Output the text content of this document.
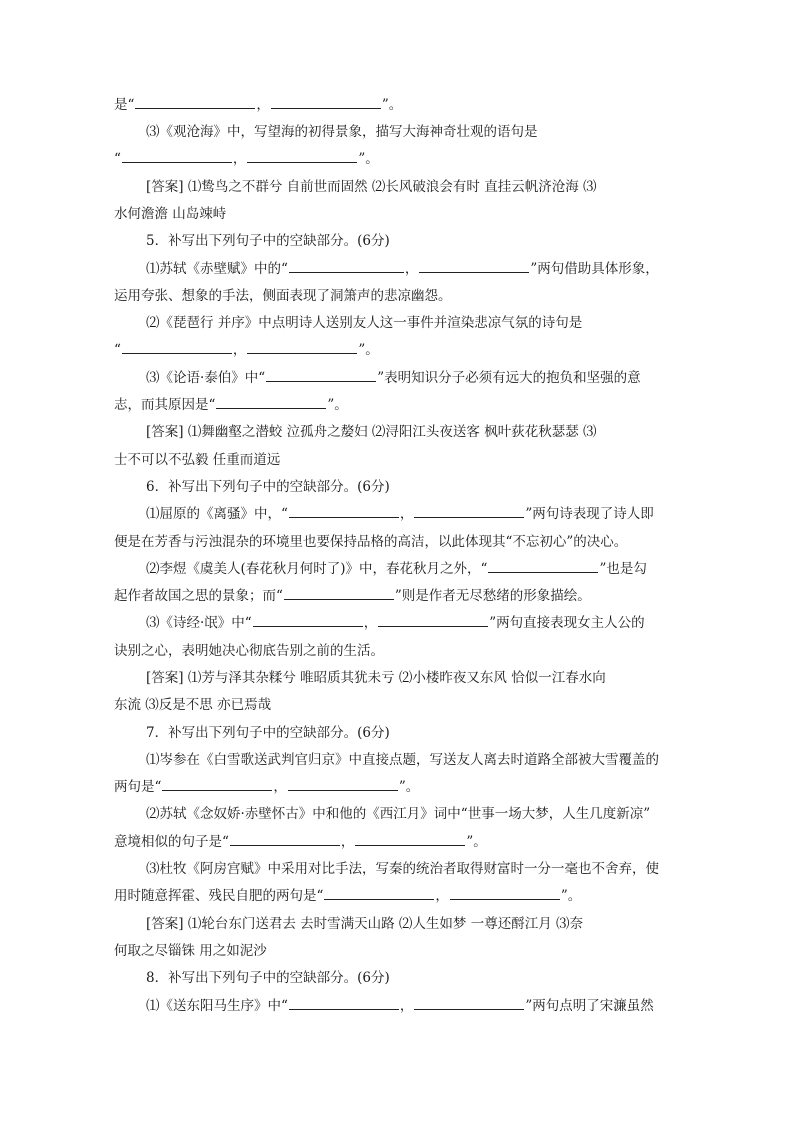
是“	，	”。
⑶《观沧海》中，写望海的初得景象，描写大海神奇壮观的语句是
“	，	”。
[答案] ⑴鸷鸟之不群兮 自前世而固然 ⑵长风破浪会有时 直挂云帆济沧海 ⑶
水何澹澹 山岛竦峙
5．补写出下列句子中的空缺部分。(6分)
⑴苏轼《赤壁赋》中的“	，	”两句借助具体形象，
运用夸张、想象的手法，侧面表现了洞箫声的悲凉幽怨。
⑵《琵琶行 并序》中点明诗人送别友人这一事件并渲染悲凉气氛的诗句是
“	，	”。
⑶《论语·泰伯》中“	”表明知识分子必须有远大的抱负和坚强的意
志，而其原因是“	”。
[答案] ⑴舞幽壑之潜蛟 泣孤舟之嫠妇 ⑵浔阳江头夜送客 枫叶荻花秋瑟瑟 ⑶
士不可以不弘毅 任重而道远
6．补写出下列句子中的空缺部分。(6分)
⑴屈原的《离骚》中，“	，	”两句诗表现了诗人即
便是在芳香与污浊混杂的环境里也要保持品格的高洁，以此体现其“不忘初心”的决心。
⑵李煜《虞美人(春花秋月何时了)》中，春花秋月之外，“	”也是勾
起作者故国之思的景象；而“	”则是作者无尽愁绪的形象描绘。
⑶《诗经·氓》中“	，	”两句直接表现女主人公的
诀别之心，表明她决心彻底告别之前的生活。
[答案] ⑴芳与泽其杂糅兮 唯昭质其犹未亏 ⑵小楼昨夜又东风 恰似一江春水向
东流 ⑶反是不思 亦已焉哉
7．补写出下列句子中的空缺部分。(6分)
⑴岑参在《白雪歌送武判官归京》中直接点题，写送友人离去时道路全部被大雪覆盖的
两句是“	，	”。
⑵苏轼《念奴娇·赤壁怀古》中和他的《西江月》词中“世事一场大梦，人生几度新凉”
意境相似的句子是“	，	”。
⑶杜牧《阿房宫赋》中采用对比手法，写秦的统治者取得财富时一分一毫也不舍弃，使
用时随意挥霍、残民自肥的两句是“	，	”。
[答案] ⑴轮台东门送君去 去时雪满天山路 ⑵人生如梦 一尊还酹江月 ⑶奈
何取之尽锱铢 用之如泥沙
8．补写出下列句子中的空缺部分。(6分)
⑴《送东阳马生序》中“	，	”两句点明了宋濂虽然
